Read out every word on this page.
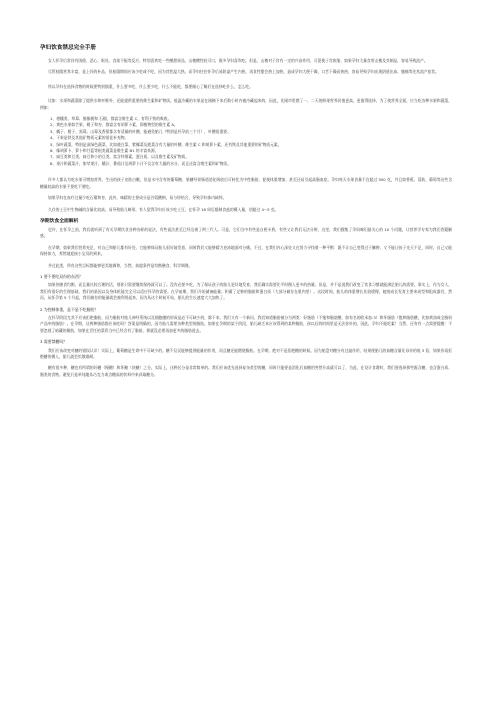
孕妇饮食禁忌完全手册

女人怀孕后常伴有困倦、恶心、呕吐、食欲不振等反应，特别喜欢吃一些酸甜果品，山楂酸性较可口，既多孕妇喜吹吃。但是，山楂对子宫有一定的兴奋作用，可促使子宫收缩，如果孕妇大量食用山楂及其制品，容易导致流产。

尽管桂圆营养丰富，是上好的补品，但桂圆期间应该少吃或不吃，因为其性温大热，而孕妇往往怀孕后易阴虚产生内热，再食性甜会热上加热，造成孕妇大便干燥，口舌干燥而热热，容易导致孕妇出现阴道出血、腹痛等先兆流产症状。

所以孕妇在选择食物的时候要特别慎重，什么要多吃，什么要少吃，什么不能吃，都要细心了解后在选择吃什么，怎么吃。

比如：水果和蔬菜除了提供水和纤维外，还能提供重要的维生素和矿物质。低温冷藏的水果是在刚摘下来后数小时内被冷藏起来的，因此，比刚市里摆了一、二天的鲜果营养价值更高，更值得选择，为了使营养全面，应当吃各种水果和蔬菜，例如：

1、柑橘类、草莓、猕猴桃和 石榴，都富含维生素 C，有利于铁的吸收。

2、黄色水果如芒果、桃子和杏，都富含有胡萝卜素，即植物型的维生素 A。

3、橘子、橙子、黑莓、山莓及香蕉都含有适量的叶酸，能避免胎儿（特别是怀孕前三个月），叶酸很重要。

4、干果是铁及其他矿物质元素的很佳补充物。

5、绿叶蔬菜，特别是深绿色蔬菜，比如菠白菜、紫椰菜及菠菜含有大量的叶酸、维生素 C 和胡萝卜素，还有铁及其他重要的矿物质元素。

6、像胡萝卜、萝卜和甘蓝等根类蔬菜是维生素 B1 的丰富来源。

7、扁豆类和豆类，扁豆和小的豆类，富含纤维素，蛋白质，以及维生素及矿物质。

8、果汁和蔬菜汁，如苹果汁、橘汁、番茄汁及胡萝卜汁不仅含有大量的水分，而且还富含维生素和矿物质。

许多人都认为吃水果可增加营养，生出的孩子皮肤白嫩，但是水中含有的葡萄糖、果糖经胃肠道消化吸收后可转化为中性脂肪，促使体重增加，甚至还易引起高脂血症。孕妇每天水果食量不宜超过 500 克，并且如香蕉、荔枝、葡萄等这些含糖量较高的水果不要吃不要吃。

如果孕妇在血疗过量少吃石榴和杏，此外，味精的主要成分是谷氨酸钠，易与锌结合，导致孕妇体内缺锌。

久存的土豆中生物碱的含量比较高，易导致胎儿畸形，有人觉得孕妇应该少吃土豆，在怀孕 16 周后限制食盐的摄入量，别超过 4~5 克。

孕期饮食全面解析

也许，在怀孕之前，我们就听到了有关孕期饮食各种各样的说法，有些说法甚至已经沿袭了两三代人。可是，它们当中有些是自相矛盾，有些又让我们无法分辨，这里，我们搜集了孕妈咪们最关心的 10 个问题，让营养学专家为我们答疑解惑。

在孕期，如果我们营养充足，对自己和胎儿都有好处，它能够保证胎儿很好地发育，同时我们又能够精力充沛地面对分娩。不过，在我们内心深处又在努力寻找着一种平衡：既不让自己变得过于臃肿，又不能让孩子先天不足，同时，自己又能保持体力，养然地迎接小宝贝的到来。

并过此类，所有这些目标都能够更美地调和，当然，前提条件是均衡膳食、科学调理。

1 要不要吃双份的东西？

如果你膳食均衡，而且量比较合理的话，那你只需要继续保持就可以了。没有必要多吃，为了保证孩子的胎儿更好地发育，我们确实需要比平时摄入更多的热量，但是，并不是说我们改变了饮食习惯就能满足胎儿的需要。事实上，作为女人，我们有很好的生理基础，我们的基因以及身体机能完全可以适应怀孕的需要。在孕前期，我们开始储备能量；积蓄了足够的脂肪和蛋白质（大部分储存在肌肉里）。这段时间，胎儿的体重增长比较缓慢，她的成长发育主要来成型和组成器官。然而，从怀孕第 5 个月起，我们储存的能量就会被利用起来，因为从这个时候开始，胎儿的生长速度大大加快了。

2 为控制体重，是不是不吃脂肪？

在怀孕阶段尤其不应该拒绝脂肪，因为脂肪对胎儿神经系统以及细胞膜的形成是必不可缺少的，除下来，我们又有一个新问，我们知道脂肪被分为两类：好脂肪（不饱和脂肪酸，如有名的欧米加-3）和坏脂肪（饱和脂肪酸，比如黄油或全脂奶产品中的脂肪）。在孕期，这两种脂肪都应该吃吗？答案是明确的，因为胎儿需要各种类型的脂肪。如果在孕期的某个阶段，胎儿缺乏本应该得到的某种脂肪，孩以后的时间里是无法弥补的。因此，孕妇不能吃素！当然，还有有一点需要提醒：不要忽视了暗藏的脂肪，如果在烹饪的菜肴当中已经含有了脂肪，那就没必要再加更多的脂肪进去。

3 需要禁糖吗？

我们应该改变对糖的错误认识！实际上，葡萄糖是生命中不可缺少的。糖不仅仅能够提供能量的作用，而且糖还能燃烧脂肪。在孕期，绝对不是拒绝糖的时候。因为胎盘对糖分有过滤作用，结果使胎儿的血糖含量比母亲的低 3 倍，如果你再拒绝糖的摄入，胎儿就会饥饿难耐。

糖有很多种，糖也有所谓的好糖（慢糖）和坏糖（快糖）之分。实际上，这种区分是非常简单的。我们应该优先选择复杂类型的糖，同时只能要是消化后血糖的突然升高就可以了，为此，在设计食谱时，我们要选择那些既含糖，也含蛋白质、脂类的食物。避免只是单纯地从巧克力或含糖高的饮料中来获取糖分。
